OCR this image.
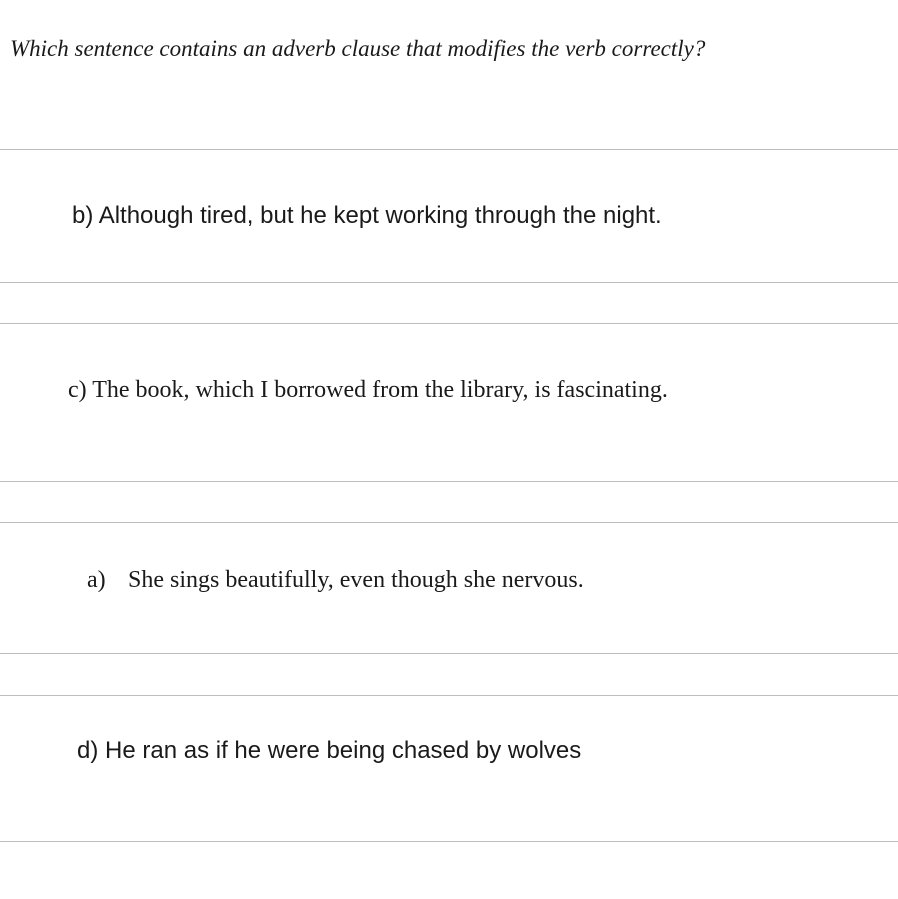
Which sentence contains an adverb clause that modifies the verb correctly?
b) Although tired, but he kept working through the night.
c) The book, which I borrowed from the library, is fascinating.
a) She sings beautifully, even though she nervous.
d) He ran as if he were being chased by wolves
